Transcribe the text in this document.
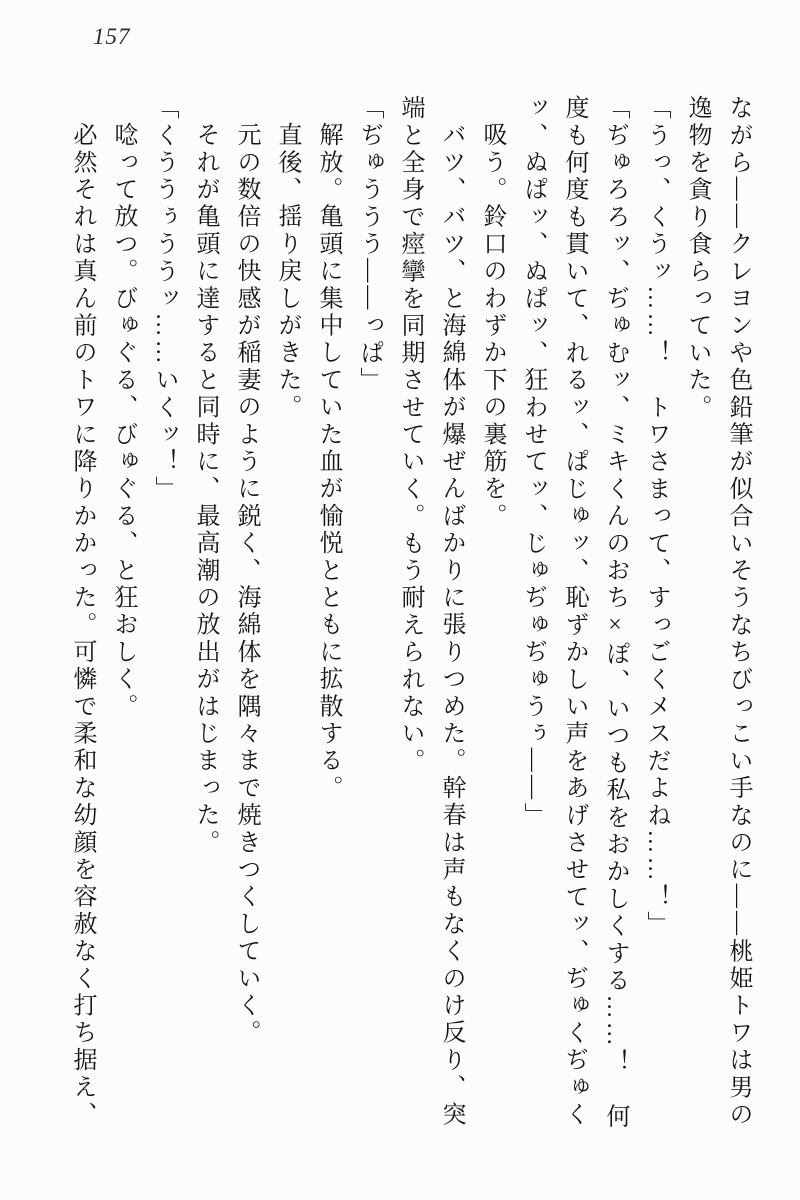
157

ながら――クレヨンや色鉛筆が似合いそうなちびっこい手なのに――桃姫トワは男の逸物を貪り食らっていた。

「うっ、くうッ……！　トワさまって、すっごくメスだよね……！」

「ぢゅろろッ、ぢゅむッ、ミキくんのおち×ぽ、いつも私をおかしくする……！　何度も何度も貫いて、れるッ、ぱじゅッ、恥ずかしい声をあげさせてッ、ぢゅくぢゅくッ、ぬぱッ、ぬぱッ、狂わせてッ、じゅぢゅぢゅうぅ――」

吸う。鈴口のわずか下の裏筋を。

バツ、バツ、と海綿体が爆ぜんばかりに張りつめた。幹春は声もなくのけ反り、突端と全身で痙攣を同期させていく。もう耐えられない。

「ぢゅううう――っぱ」

解放。亀頭に集中していた血が愉悦とともに拡散する。

直後、揺り戻しがきた。

元の数倍の快感が稲妻のように鋭く、海綿体を隅々まで焼きつくしていく。

それが亀頭に達すると同時に、最高潮の放出がはじまった。

「くううぅううッ……いくッ！」

唸って放つ。びゅぐる、びゅぐる、と狂おしく。

必然それは真ん前のトワに降りかかった。可憐で柔和な幼顔を容赦なく打ち据え、
